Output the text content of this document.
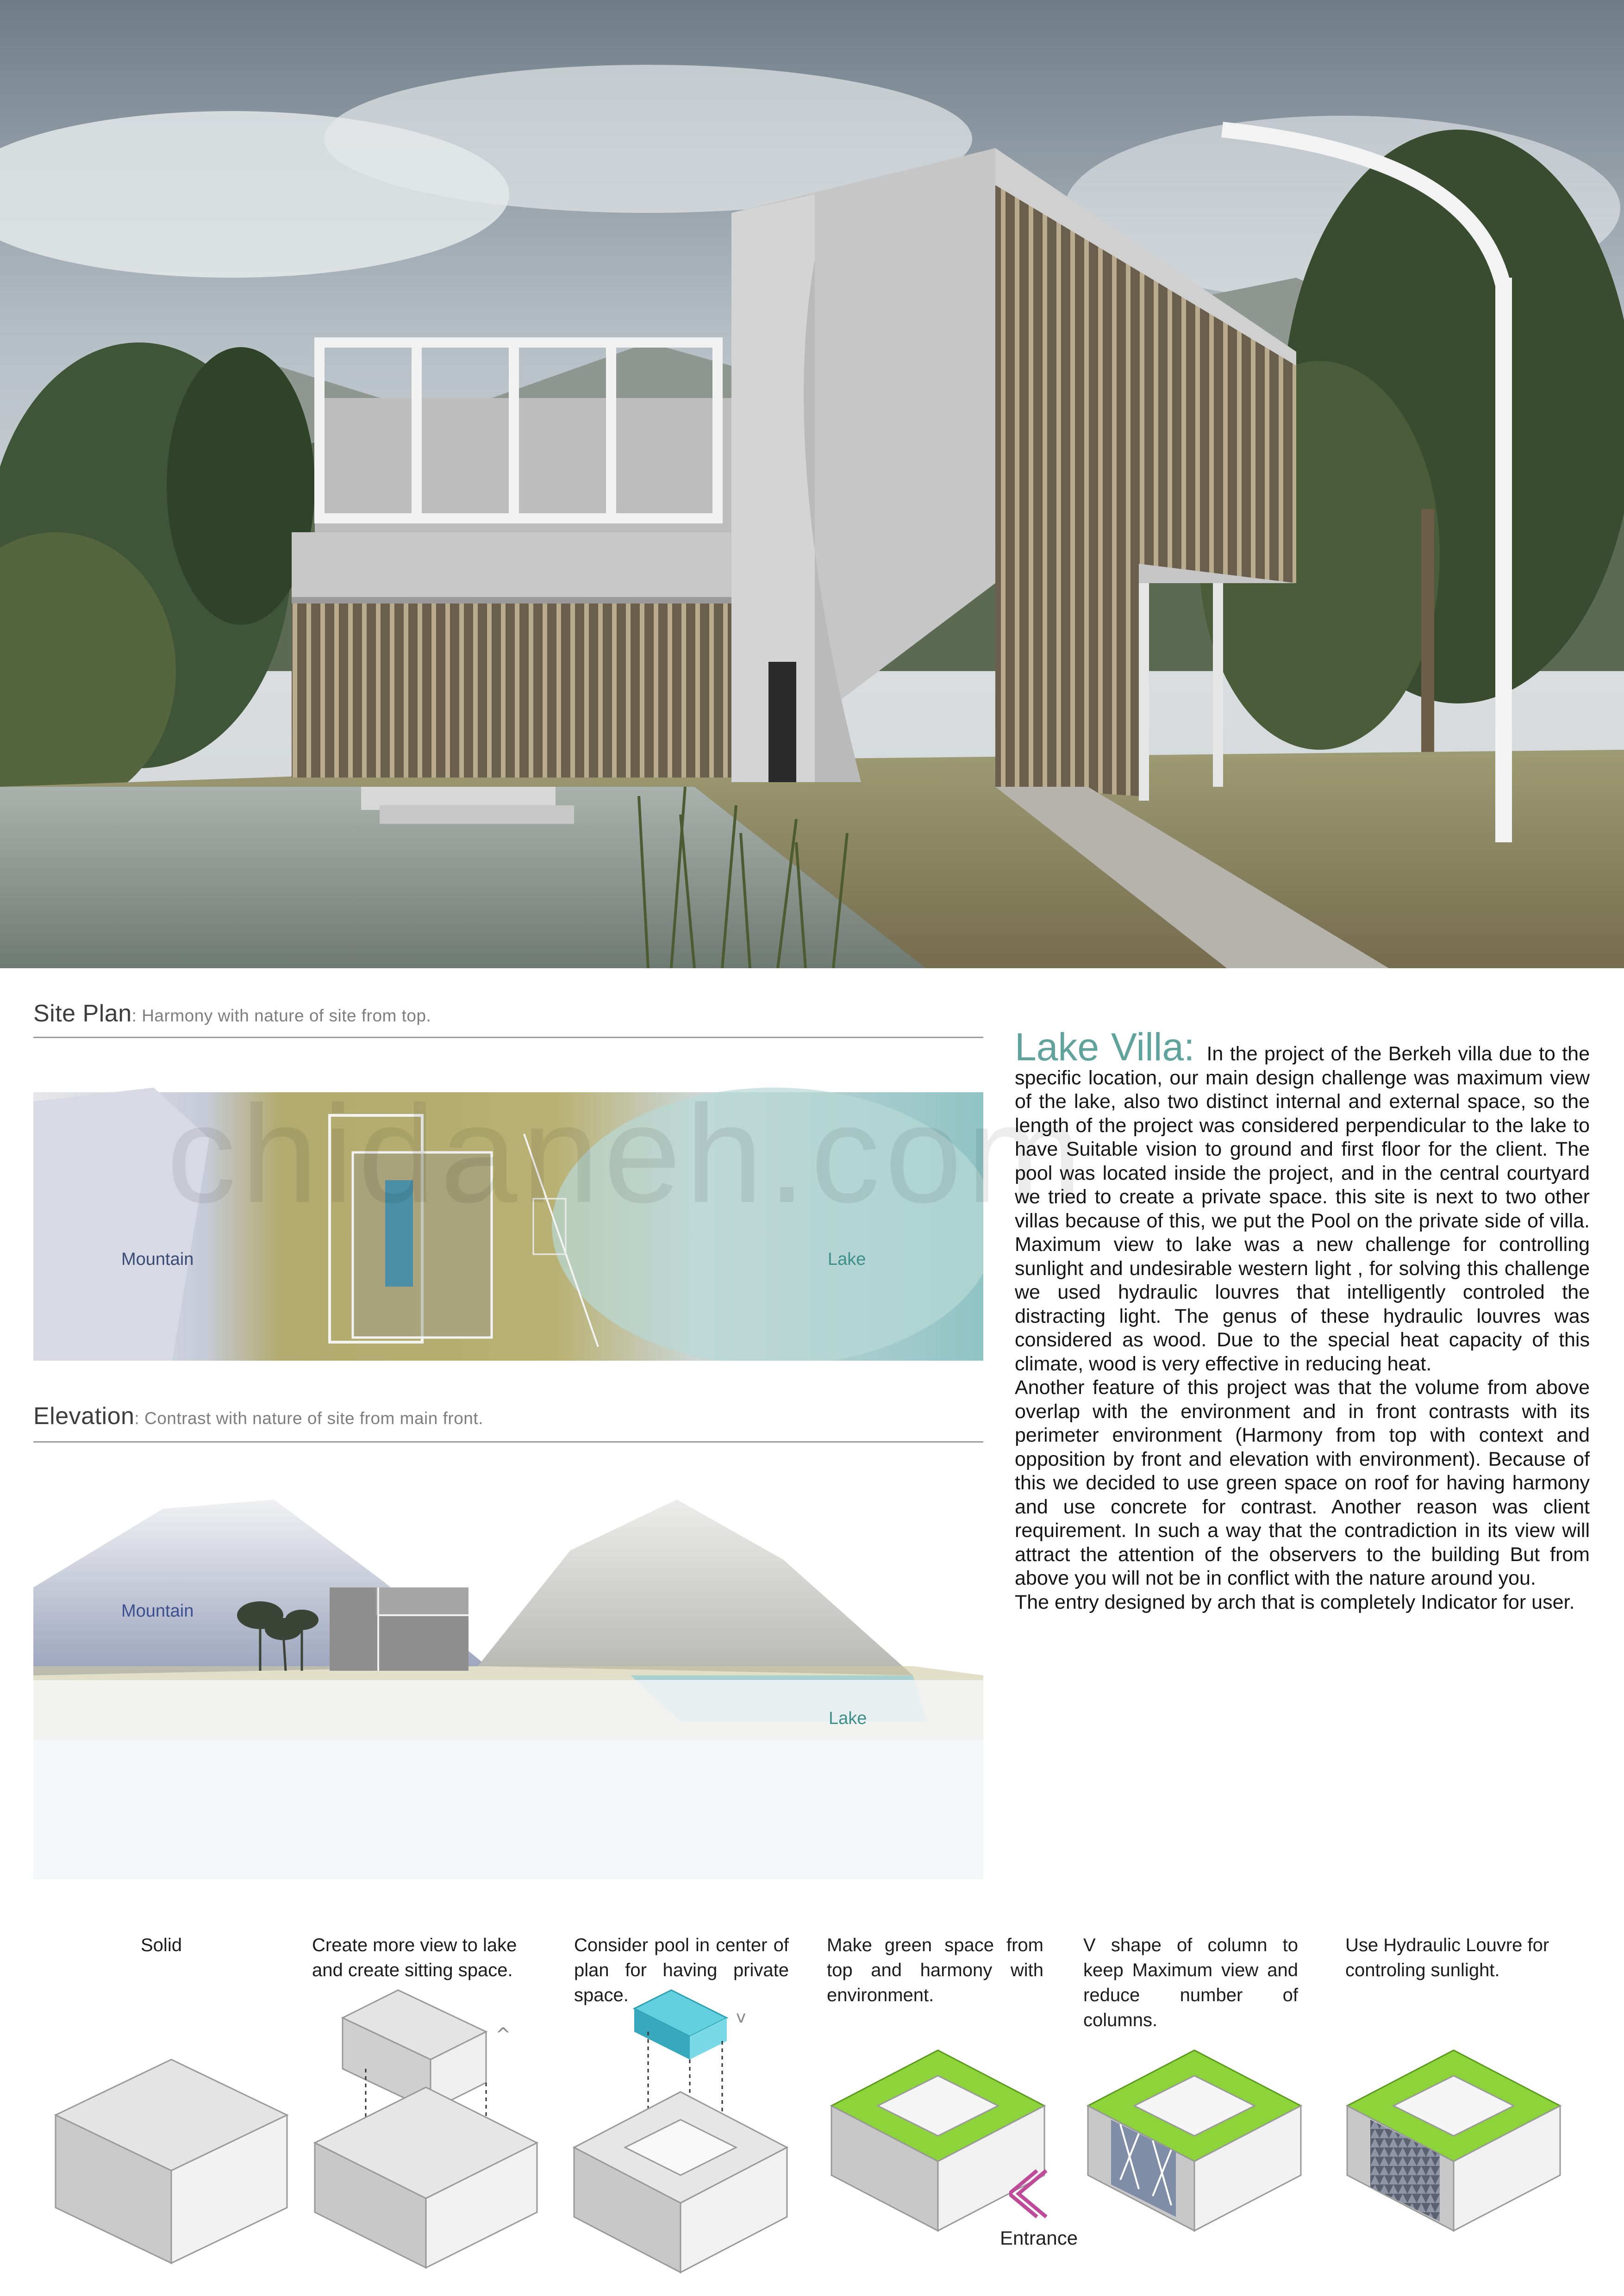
Site Plan: Harmony with nature of site from top.
Mountain	Lake
chidaneh.com
Elevation: Contrast with nature of site from main front.
Mountain
Lake

Lake Villa: In the project of the Berkeh villa due to the specific location, our main design challenge was maximum view of the lake, also two distinct internal and external space, so the length of the project was considered perpendicular to the lake to have Suitable vision to ground and first floor for the client. The pool was located inside the project, and in the central courtyard we tried to create a private space. this site is next to two other villas because of this, we put the Pool on the private side of villa. Maximum view to lake was a new challenge for controlling sunlight and undesirable western light , for solving this challenge we used hydraulic louvres that intelligently controled the distracting light. The genus of these hydraulic louvres was considered as wood. Due to the special heat capacity of this climate, wood is very effective in reducing heat.

Another feature of this project was that the volume from above overlap with the environment and in front contrasts with its perimeter environment (Harmony from top with context and opposition by front and elevation with environment). Because of this we decided to use green space on roof for having harmony and use concrete for contrast. Another reason was client requirement. In such a way that the contradiction in its view will attract the attention of the observers to the building But from above you will not be in conflict with the nature around you.

The entry designed by arch that is completely Indicator for user.

Solid	Create more view to lake and create sitting space.
Consider pool in center of plan for having private space.
Make green space from top and harmony with environment.
V shape of column to keep Maximum view and reduce number of columns.
Use Hydraulic Louvre for controling sunlight.
^
v
Entrance
